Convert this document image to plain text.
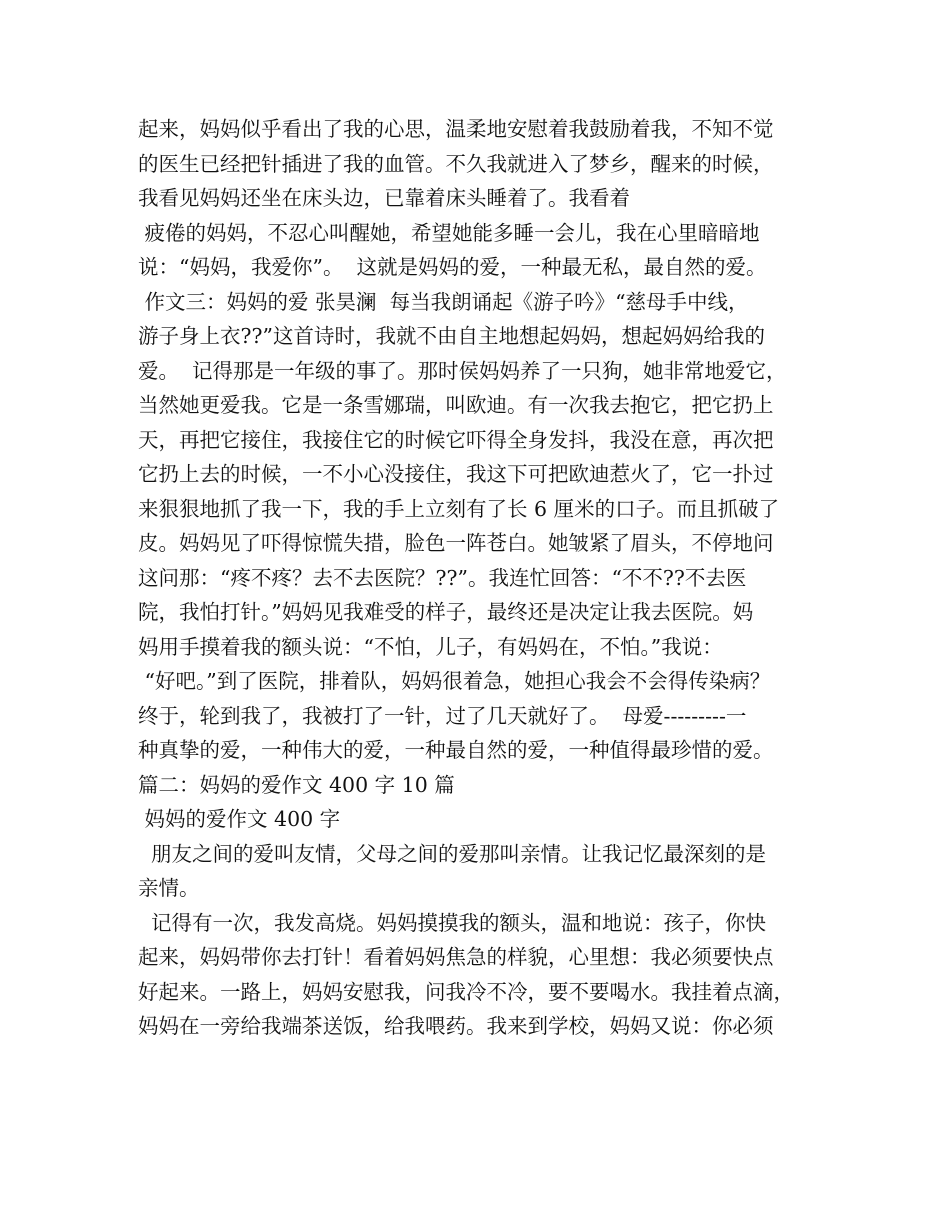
起来，妈妈似乎看出了我的心思，温柔地安慰着我鼓励着我，不知不觉
的医生已经把针插进了我的血管。不久我就进入了梦乡，醒来的时候，
我看见妈妈还坐在床头边，已靠着床头睡着了。我看着
疲倦的妈妈，不忍心叫醒她，希望她能多睡一会儿，我在心里暗暗地
说：“妈妈，我爱你”。  这就是妈妈的爱，一种最无私，最自然的爱。
作文三：妈妈的爱 张昊澜  每当我朗诵起《游子吟》“慈母手中线，
游子身上衣??”这首诗时，我就不由自主地想起妈妈，想起妈妈给我的
爱。  记得那是一年级的事了。那时侯妈妈养了一只狗，她非常地爱它，
当然她更爱我。它是一条雪娜瑞，叫欧迪。有一次我去抱它，把它扔上
天，再把它接住，我接住它的时候它吓得全身发抖，我没在意，再次把
它扔上去的时候，一不小心没接住，我这下可把欧迪惹火了，它一扑过
来狠狠地抓了我一下，我的手上立刻有了长 6 厘米的口子。而且抓破了
皮。妈妈见了吓得惊慌失措，脸色一阵苍白。她皱紧了眉头，不停地问
这问那：“疼不疼？去不去医院？??”。我连忙回答：“不不??不去医
院，我怕打针。”妈妈见我难受的样子，最终还是决定让我去医院。妈
妈用手摸着我的额头说：“不怕，儿子，有妈妈在，不怕。”我说：
“好吧。”到了医院，排着队，妈妈很着急，她担心我会不会得传染病？
终于，轮到我了，我被打了一针，过了几天就好了。  母爱---------一
种真挚的爱，一种伟大的爱，一种最自然的爱，一种值得最珍惜的爱。
篇二：妈妈的爱作文 400 字 10 篇
妈妈的爱作文 400 字
朋友之间的爱叫友情，父母之间的爱那叫亲情。让我记忆最深刻的是
亲情。
记得有一次，我发高烧。妈妈摸摸我的额头，温和地说：孩子，你快
起来，妈妈带你去打针！看着妈妈焦急的样貌，心里想：我必须要快点
好起来。一路上，妈妈安慰我，问我冷不冷，要不要喝水。我挂着点滴，
妈妈在一旁给我端茶送饭，给我喂药。我来到学校，妈妈又说：你必须
